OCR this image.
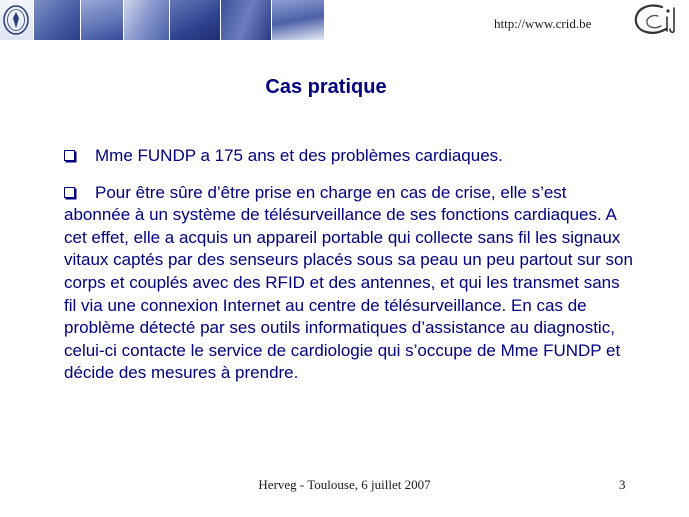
http://www.crid.be
Cas pratique

Mme FUNDP a 175 ans et des problèmes cardiaques.

Pour être sûre d’être prise en charge en cas de crise, elle s’est abonnée à un système de télésurveillance de ses fonctions cardiaques. A cet effet, elle a acquis un appareil portable qui collecte sans fil les signaux vitaux captés par des senseurs placés sous sa peau un peu partout sur son corps et couplés avec des RFID et des antennes, et qui les transmet sans fil via une connexion Internet au centre de télésurveillance. En cas de problème détecté par ses outils informatiques d’assistance au diagnostic, celui-ci contacte le service de cardiologie qui s’occupe de Mme FUNDP et décide des mesures à prendre.

Herveg - Toulouse, 6 juillet 2007	3
